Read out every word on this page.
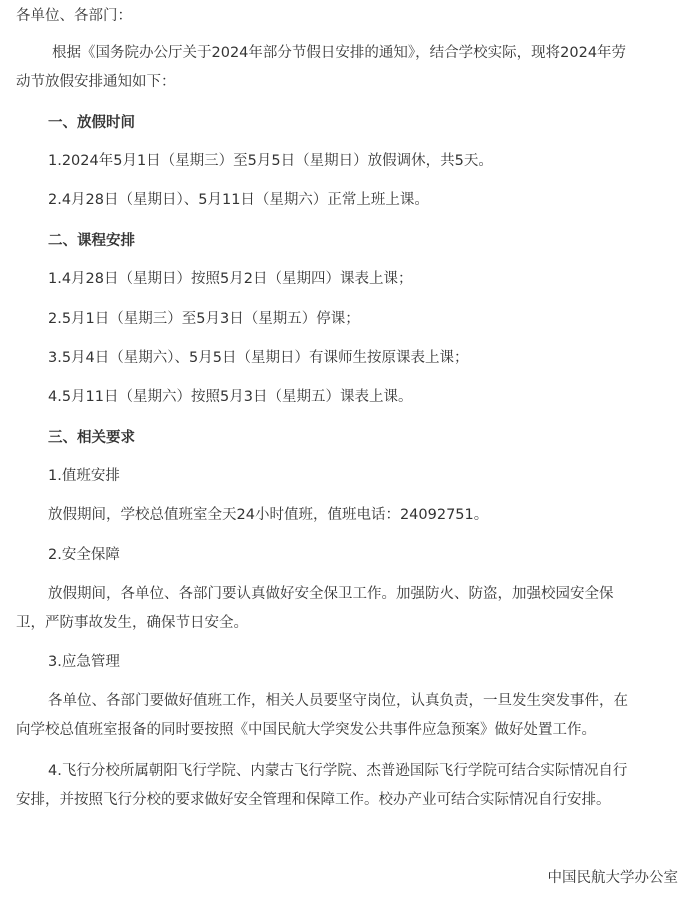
各单位、各部门：
根据《国务院办公厅关于2024年部分节假日安排的通知》，结合学校实际，现将2024年劳
动节放假安排通知如下：
一、放假时间
1.2024年5月1日（星期三）至5月5日（星期日）放假调休，共5天。
2.4月28日（星期日）、5月11日（星期六）正常上班上课。
二、课程安排
1.4月28日（星期日）按照5月2日（星期四）课表上课；
2.5月1日（星期三）至5月3日（星期五）停课；
3.5月4日（星期六）、5月5日（星期日）有课师生按原课表上课；
4.5月11日（星期六）按照5月3日（星期五）课表上课。
三、相关要求
1.值班安排
放假期间，学校总值班室全天24小时值班，值班电话：24092751。
2.安全保障
放假期间，各单位、各部门要认真做好安全保卫工作。加强防火、防盗，加强校园安全保
卫，严防事故发生，确保节日安全。
3.应急管理
各单位、各部门要做好值班工作，相关人员要坚守岗位，认真负责，一旦发生突发事件，在
向学校总值班室报备的同时要按照《中国民航大学突发公共事件应急预案》做好处置工作。
4.飞行分校所属朝阳飞行学院、内蒙古飞行学院、杰普逊国际飞行学院可结合实际情况自行
安排，并按照飞行分校的要求做好安全管理和保障工作。校办产业可结合实际情况自行安排。
中国民航大学办公室
